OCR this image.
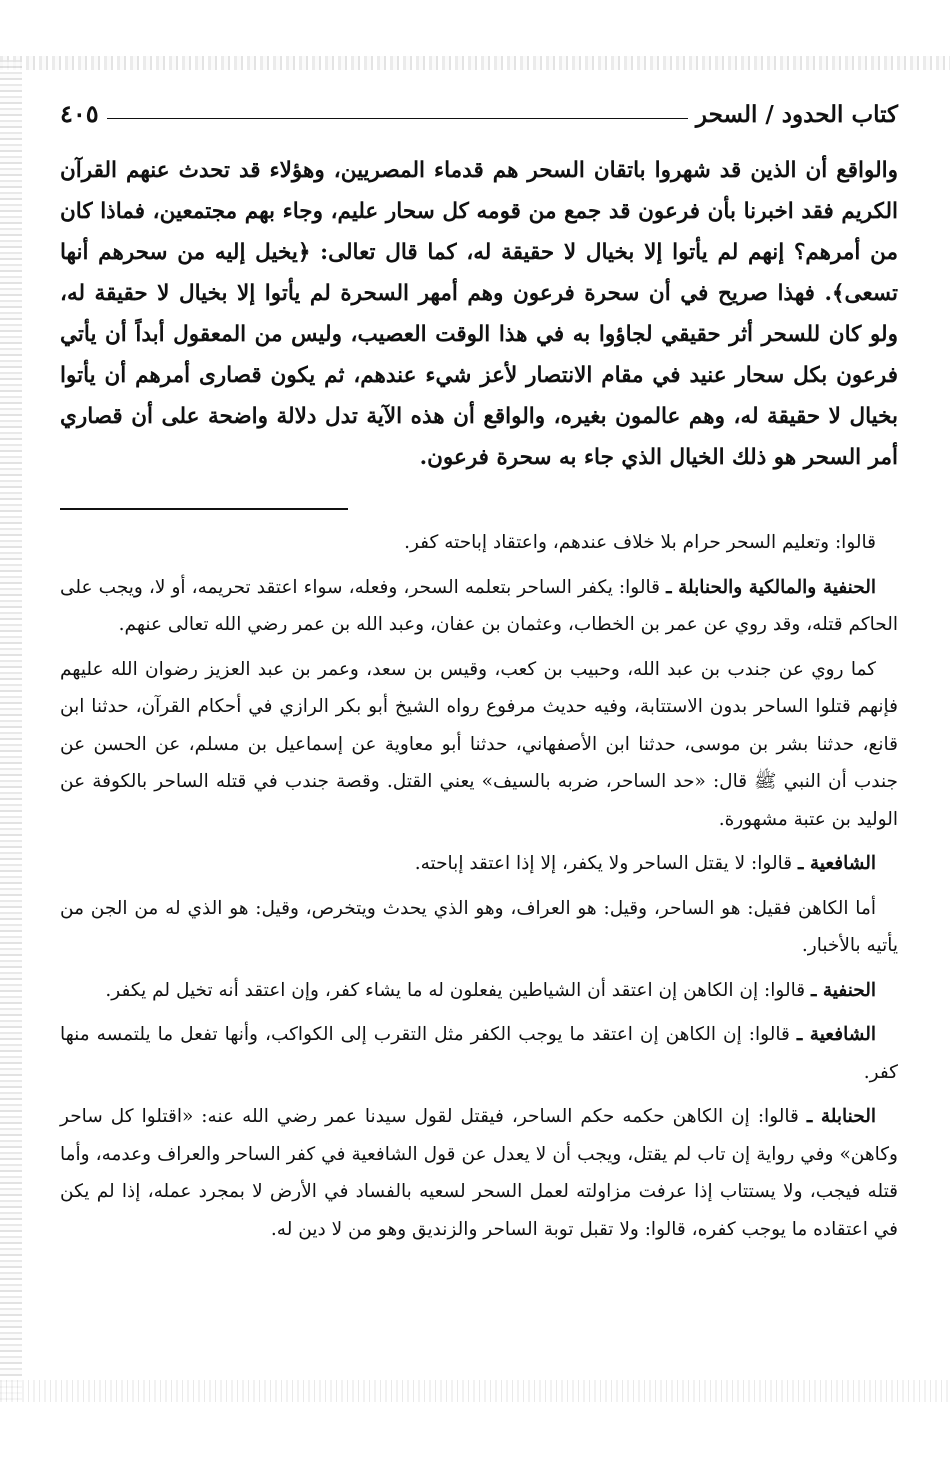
كتاب الحدود / السحر
٤٠٥
والواقع أن الذين قد شهروا باتقان السحر هم قدماء المصريين، وهؤلاء قد تحدث عنهم القرآن الكريم فقد اخبرنا بأن فرعون قد جمع من قومه كل سحار عليم، وجاء بهم مجتمعين، فماذا كان من أمرهم؟ إنهم لم يأتوا إلا بخيال لا حقيقة له، كما قال تعالى: ﴿يخيل إليه من سحرهم أنها تسعى﴾. فهذا صريح في أن سحرة فرعون وهم أمهر السحرة لم يأتوا إلا بخيال لا حقيقة له، ولو كان للسحر أثر حقيقي لجاؤوا به في هذا الوقت العصيب، وليس من المعقول أبداً أن يأتي فرعون بكل سحار عنيد في مقام الانتصار لأعز شيء عندهم، ثم يكون قصارى أمرهم أن يأتوا بخيال لا حقيقة له، وهم عالمون بغيره، والواقع أن هذه الآية تدل دلالة واضحة على أن قصاري أمر السحر هو ذلك الخيال الذي جاء به سحرة فرعون.

قالوا: وتعليم السحر حرام بلا خلاف عندهم، واعتقاد إباحته كفر.

الحنفية والمالكية والحنابلة ـ قالوا: يكفر الساحر بتعلمه السحر، وفعله، سواء اعتقد تحريمه، أو لا، ويجب على الحاكم قتله، وقد روي عن عمر بن الخطاب، وعثمان بن عفان، وعبد الله بن عمر رضي الله تعالى عنهم.

كما روي عن جندب بن عبد الله، وحبيب بن كعب، وقيس بن سعد، وعمر بن عبد العزيز رضوان الله عليهم فإنهم قتلوا الساحر بدون الاستتابة، وفيه حديث مرفوع رواه الشيخ أبو بكر الرازي في أحكام القرآن، حدثنا ابن قانع، حدثنا بشر بن موسى، حدثنا ابن الأصفهاني، حدثنا أبو معاوية عن إسماعيل بن مسلم، عن الحسن عن جندب أن النبي ﷺ قال: «حد الساحر، ضربه بالسيف» يعني القتل. وقصة جندب في قتله الساحر بالكوفة عن الوليد بن عتبة مشهورة.

الشافعية ـ قالوا: لا يقتل الساحر ولا يكفر، إلا إذا اعتقد إباحته.

أما الكاهن فقيل: هو الساحر، وقيل: هو العراف، وهو الذي يحدث ويتخرص، وقيل: هو الذي له من الجن من يأتيه بالأخبار.

الحنفية ـ قالوا: إن الكاهن إن اعتقد أن الشياطين يفعلون له ما يشاء كفر، وإن اعتقد أنه تخيل لم يكفر.

الشافعية ـ قالوا: إن الكاهن إن اعتقد ما يوجب الكفر مثل التقرب إلى الكواكب، وأنها تفعل ما يلتمسه منها كفر.

الحنابلة ـ قالوا: إن الكاهن حكمه حكم الساحر، فيقتل لقول سيدنا عمر رضي الله عنه: «اقتلوا كل ساحر وكاهن» وفي رواية إن تاب لم يقتل، ويجب أن لا يعدل عن قول الشافعية في كفر الساحر والعراف وعدمه، وأما قتله فيجب، ولا يستتاب إذا عرفت مزاولته لعمل السحر لسعيه بالفساد في الأرض لا بمجرد عمله، إذا لم يكن في اعتقاده ما يوجب كفره، قالوا: ولا تقبل توبة الساحر والزنديق وهو من لا دين له.
